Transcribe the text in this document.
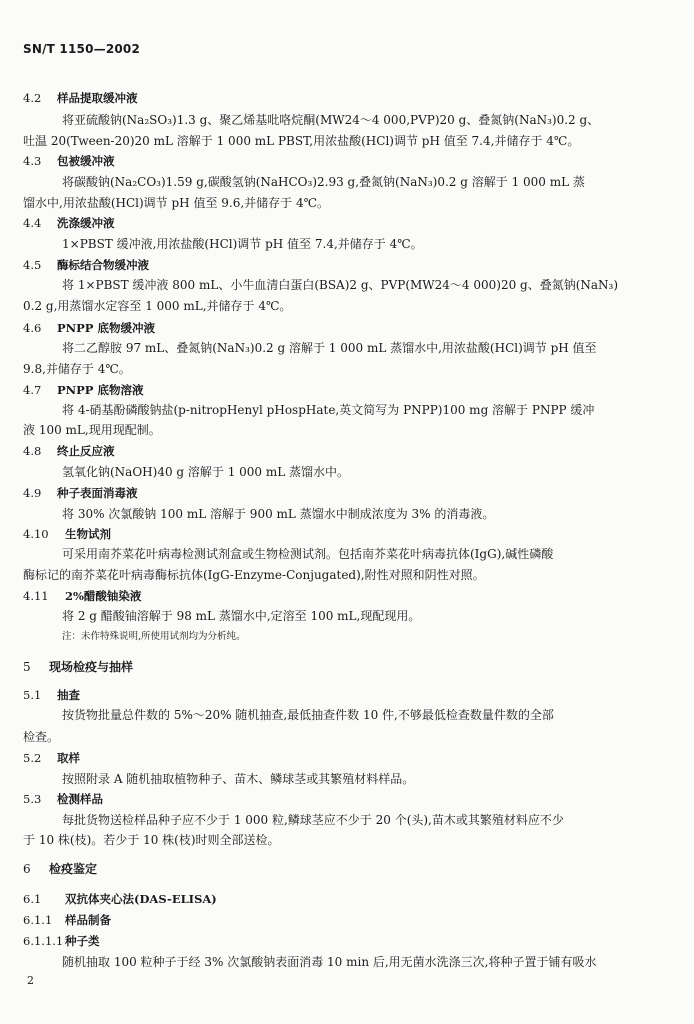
SN/T 1150—2002
4.2 样品提取缓冲液
将亚硫酸钠(Na₂SO₃)1.3 g、聚乙烯基吡咯烷酮(MW24～4 000,PVP)20 g、叠氮钠(NaN₃)0.2 g、
吐温 20(Tween-20)20 mL 溶解于 1 000 mL PBST,用浓盐酸(HCl)调节 pH 值至 7.4,并储存于 4℃。
4.3 包被缓冲液
将碳酸钠(Na₂CO₃)1.59 g,碳酸氢钠(NaHCO₃)2.93 g,叠氮钠(NaN₃)0.2 g 溶解于 1 000 mL 蒸
馏水中,用浓盐酸(HCl)调节 pH 值至 9.6,并储存于 4℃。
4.4 洗涤缓冲液
1×PBST 缓冲液,用浓盐酸(HCl)调节 pH 值至 7.4,并储存于 4℃。
4.5 酶标结合物缓冲液
将 1×PBST 缓冲液 800 mL、小牛血清白蛋白(BSA)2 g、PVP(MW24～4 000)20 g、叠氮钠(NaN₃)
0.2 g,用蒸馏水定容至 1 000 mL,并储存于 4℃。
4.6 PNPP 底物缓冲液
将二乙醇胺 97 mL、叠氮钠(NaN₃)0.2 g 溶解于 1 000 mL 蒸馏水中,用浓盐酸(HCl)调节 pH 值至
9.8,并储存于 4℃。
4.7 PNPP 底物溶液
将 4-硝基酚磷酸钠盐(p-nitropHenyl pHospHate,英文简写为 PNPP)100 mg 溶解于 PNPP 缓冲
液 100 mL,现用现配制。
4.8 终止反应液
氢氧化钠(NaOH)40 g 溶解于 1 000 mL 蒸馏水中。
4.9 种子表面消毒液
将 30% 次氯酸钠 100 mL 溶解于 900 mL 蒸馏水中制成浓度为 3% 的消毒液。
4.10 生物试剂
可采用南芥菜花叶病毒检测试剂盒或生物检测试剂。包括南芥菜花叶病毒抗体(IgG),碱性磷酸
酶标记的南芥菜花叶病毒酶标抗体(IgG-Enzyme-Conjugated),附性对照和阴性对照。
4.11 2%醋酸铀染液
将 2 g 醋酸铀溶解于 98 mL 蒸馏水中,定溶至 100 mL,现配现用。
注：未作特殊说明,所使用试剂均为分析纯。
5 现场检疫与抽样
5.1 抽查
按货物批量总件数的 5%～20% 随机抽查,最低抽查件数 10 件,不够最低检查数量件数的全部
检查。
5.2 取样
按照附录 A 随机抽取植物种子、苗木、鳞球茎或其繁殖材料样品。
5.3 检测样品
每批货物送检样品种子应不少于 1 000 粒,鳞球茎应不少于 20 个(头),苗木或其繁殖材料应不少
于 10 株(枝)。若少于 10 株(枝)时则全部送检。
6 检疫鉴定
6.1 双抗体夹心法(DAS-ELISA)
6.1.1 样品制备
6.1.1.1 种子类
随机抽取 100 粒种子于经 3% 次氯酸钠表面消毒 10 min 后,用无菌水洗涤三次,将种子置于铺有吸水
2
